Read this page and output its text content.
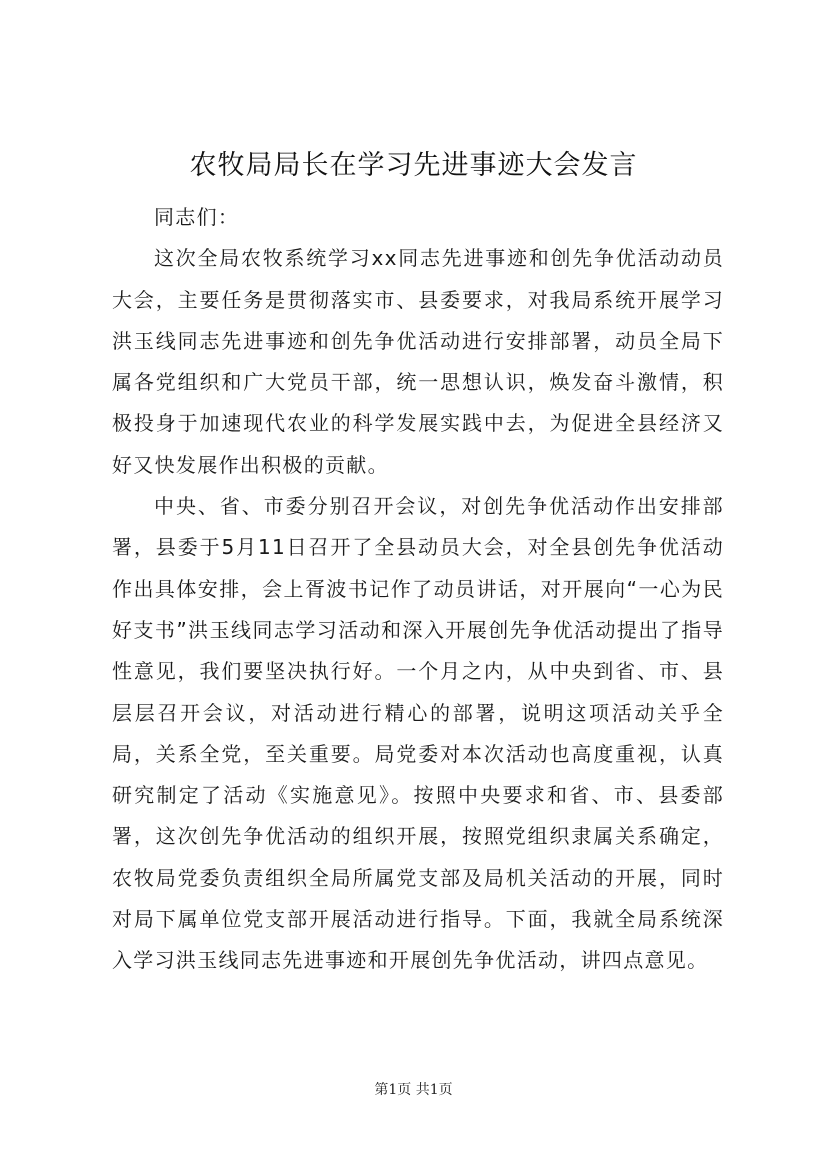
农牧局局长在学习先进事迹大会发言

同志们：

这次全局农牧系统学习xx同志先进事迹和创先争优活动动员大会，主要任务是贯彻落实市、县委要求，对我局系统开展学习洪玉线同志先进事迹和创先争优活动进行安排部署，动员全局下属各党组织和广大党员干部，统一思想认识，焕发奋斗激情，积极投身于加速现代农业的科学发展实践中去，为促进全县经济又好又快发展作出积极的贡献。

中央、省、市委分别召开会议，对创先争优活动作出安排部署，县委于5月11日召开了全县动员大会，对全县创先争优活动作出具体安排，会上胥波书记作了动员讲话，对开展向“一心为民好支书”洪玉线同志学习活动和深入开展创先争优活动提出了指导性意见，我们要坚决执行好。一个月之内，从中央到省、市、县层层召开会议，对活动进行精心的部署，说明这项活动关乎全局，关系全党，至关重要。局党委对本次活动也高度重视，认真研究制定了活动《实施意见》。按照中央要求和省、市、县委部署，这次创先争优活动的组织开展，按照党组织隶属关系确定，农牧局党委负责组织全局所属党支部及局机关活动的开展，同时对局下属单位党支部开展活动进行指导。下面，我就全局系统深入学习洪玉线同志先进事迹和开展创先争优活动，讲四点意见。

第1页 共1页
